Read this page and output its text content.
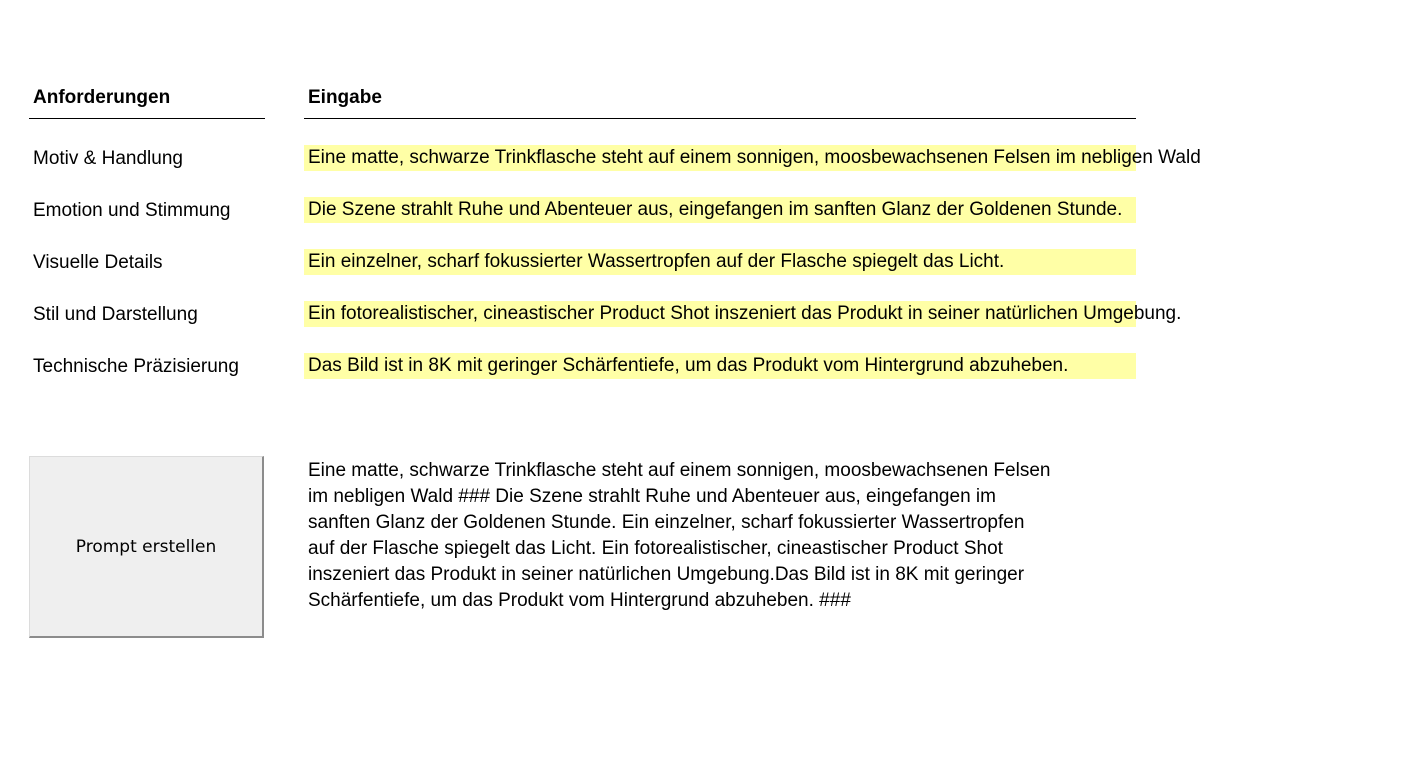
Anforderungen	Eingabe
Motiv & Handlung	Eine matte, schwarze Trinkflasche steht auf einem sonnigen, moosbewachsenen Felsen im nebligen Wald
Emotion und Stimmung	Die Szene strahlt Ruhe und Abenteuer aus, eingefangen im sanften Glanz der Goldenen Stunde.
Visuelle Details	Ein einzelner, scharf fokussierter Wassertropfen auf der Flasche spiegelt das Licht.
Stil und Darstellung	Ein fotorealistischer, cineastischer Product Shot inszeniert das Produkt in seiner natürlichen Umgebung.
Technische Präzisierung	Das Bild ist in 8K mit geringer Schärfentiefe, um das Produkt vom Hintergrund abzuheben.
Prompt erstellen
Eine matte, schwarze Trinkflasche steht auf einem sonnigen, moosbewachsenen Felsen
im nebligen Wald ### Die Szene strahlt Ruhe und Abenteuer aus, eingefangen im
sanften Glanz der Goldenen Stunde. Ein einzelner, scharf fokussierter Wassertropfen
auf der Flasche spiegelt das Licht. Ein fotorealistischer, cineastischer Product Shot
inszeniert das Produkt in seiner natürlichen Umgebung.Das Bild ist in 8K mit geringer
Schärfentiefe, um das Produkt vom Hintergrund abzuheben. ###
